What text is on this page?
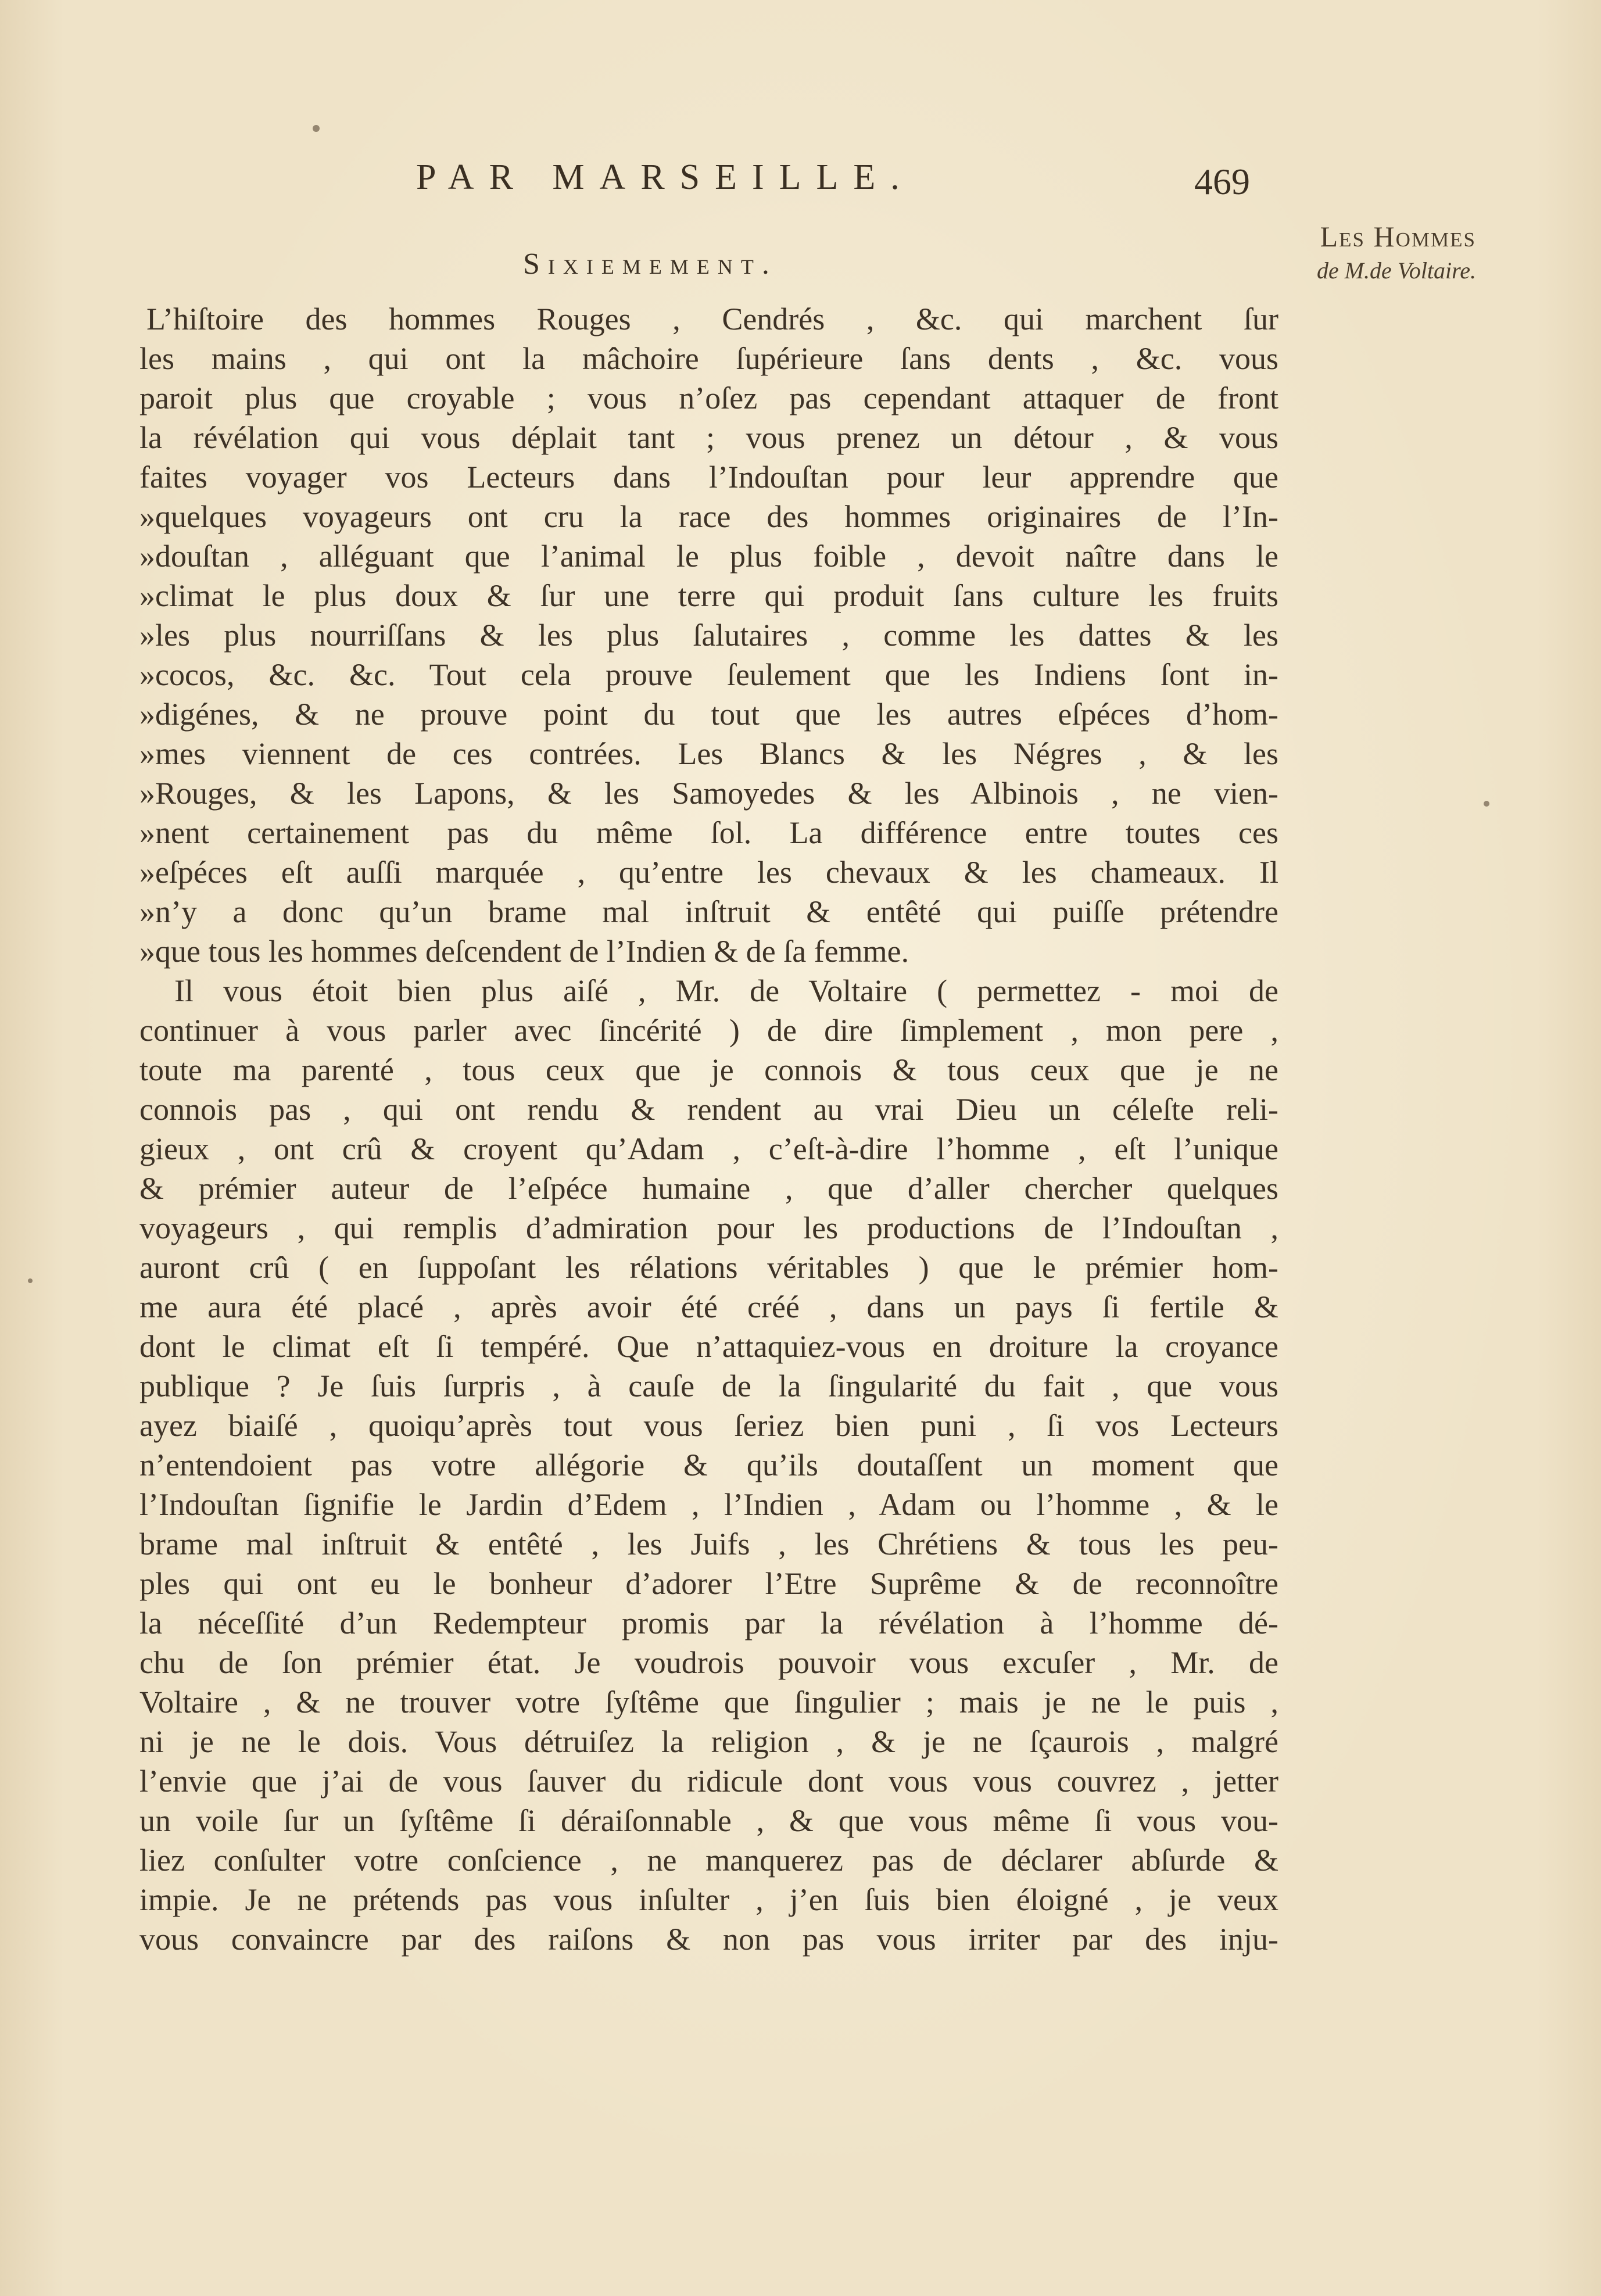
PAR MARSEILLE.	469
Les Hommes
de M.de Voltaire.
Sixiemement.
L’hiſtoire des hommes Rouges , Cendrés , &c. qui marchent ſur
les mains , qui ont la mâchoire ſupérieure ſans dents , &c. vous
paroit plus que croyable ; vous n’oſez pas cependant attaquer de front
la révélation qui vous déplait tant ; vous prenez un détour , & vous
faites voyager vos Lecteurs dans l’Indouſtan pour leur apprendre que
»quelques voyageurs ont cru la race des hommes originaires de l’In-
»douſtan , alléguant que l’animal le plus foible , devoit naître dans le
»climat le plus doux & ſur une terre qui produit ſans culture les fruits
»les plus nourriſſans & les plus ſalutaires , comme les dattes & les
»cocos, &c. &c. Tout cela prouve ſeulement que les Indiens ſont in-
»digénes, & ne prouve point du tout que les autres eſpéces d’hom-
»mes viennent de ces contrées. Les Blancs & les Négres , & les
»Rouges, & les Lapons, & les Samoyedes & les Albinois , ne vien-
»nent certainement pas du même ſol. La différence entre toutes ces
»eſpéces eſt auſſi marquée , qu’entre les chevaux & les chameaux. Il
»n’y a donc qu’un brame mal inſtruit & entêté qui puiſſe prétendre
»que tous les hommes deſcendent de l’Indien & de ſa femme.
Il vous étoit bien plus aiſé , Mr. de Voltaire ( permettez - moi de
continuer à vous parler avec ſincérité ) de dire ſimplement , mon pere ,
toute ma parenté , tous ceux que je connois & tous ceux que je ne
connois pas , qui ont rendu & rendent au vrai Dieu un céleſte reli-
gieux , ont crû & croyent qu’Adam , c’eſt-à-dire l’homme , eſt l’unique
& prémier auteur de l’eſpéce humaine , que d’aller chercher quelques
voyageurs , qui remplis d’admiration pour les productions de l’Indouſtan ,
auront crû ( en ſuppoſant les rélations véritables ) que le prémier hom-
me aura été placé , après avoir été créé , dans un pays ſi fertile &
dont le climat eſt ſi tempéré. Que n’attaquiez-vous en droiture la croyance
publique ? Je ſuis ſurpris , à cauſe de la ſingularité du fait , que vous
ayez biaiſé , quoiqu’après tout vous ſeriez bien puni , ſi vos Lecteurs
n’entendoient pas votre allégorie & qu’ils doutaſſent un moment que
l’Indouſtan ſignifie le Jardin d’Edem , l’Indien , Adam ou l’homme , & le
brame mal inſtruit & entêté , les Juifs , les Chrétiens & tous les peu-
ples qui ont eu le bonheur d’adorer l’Etre Suprême & de reconnoître
la néceſſité d’un Redempteur promis par la révélation à l’homme dé-
chu de ſon prémier état. Je voudrois pouvoir vous excuſer , Mr. de
Voltaire , & ne trouver votre ſyſtême que ſingulier ; mais je ne le puis ,
ni je ne le dois. Vous détruiſez la religion , & je ne ſçaurois , malgré
l’envie que j’ai de vous ſauver du ridicule dont vous vous couvrez , jetter
un voile ſur un ſyſtême ſi déraiſonnable , & que vous même ſi vous vou-
liez conſulter votre conſcience , ne manquerez pas de déclarer abſurde &
impie. Je ne prétends pas vous inſulter , j’en ſuis bien éloigné , je veux
vous convaincre par des raiſons & non pas vous irriter par des inju-
